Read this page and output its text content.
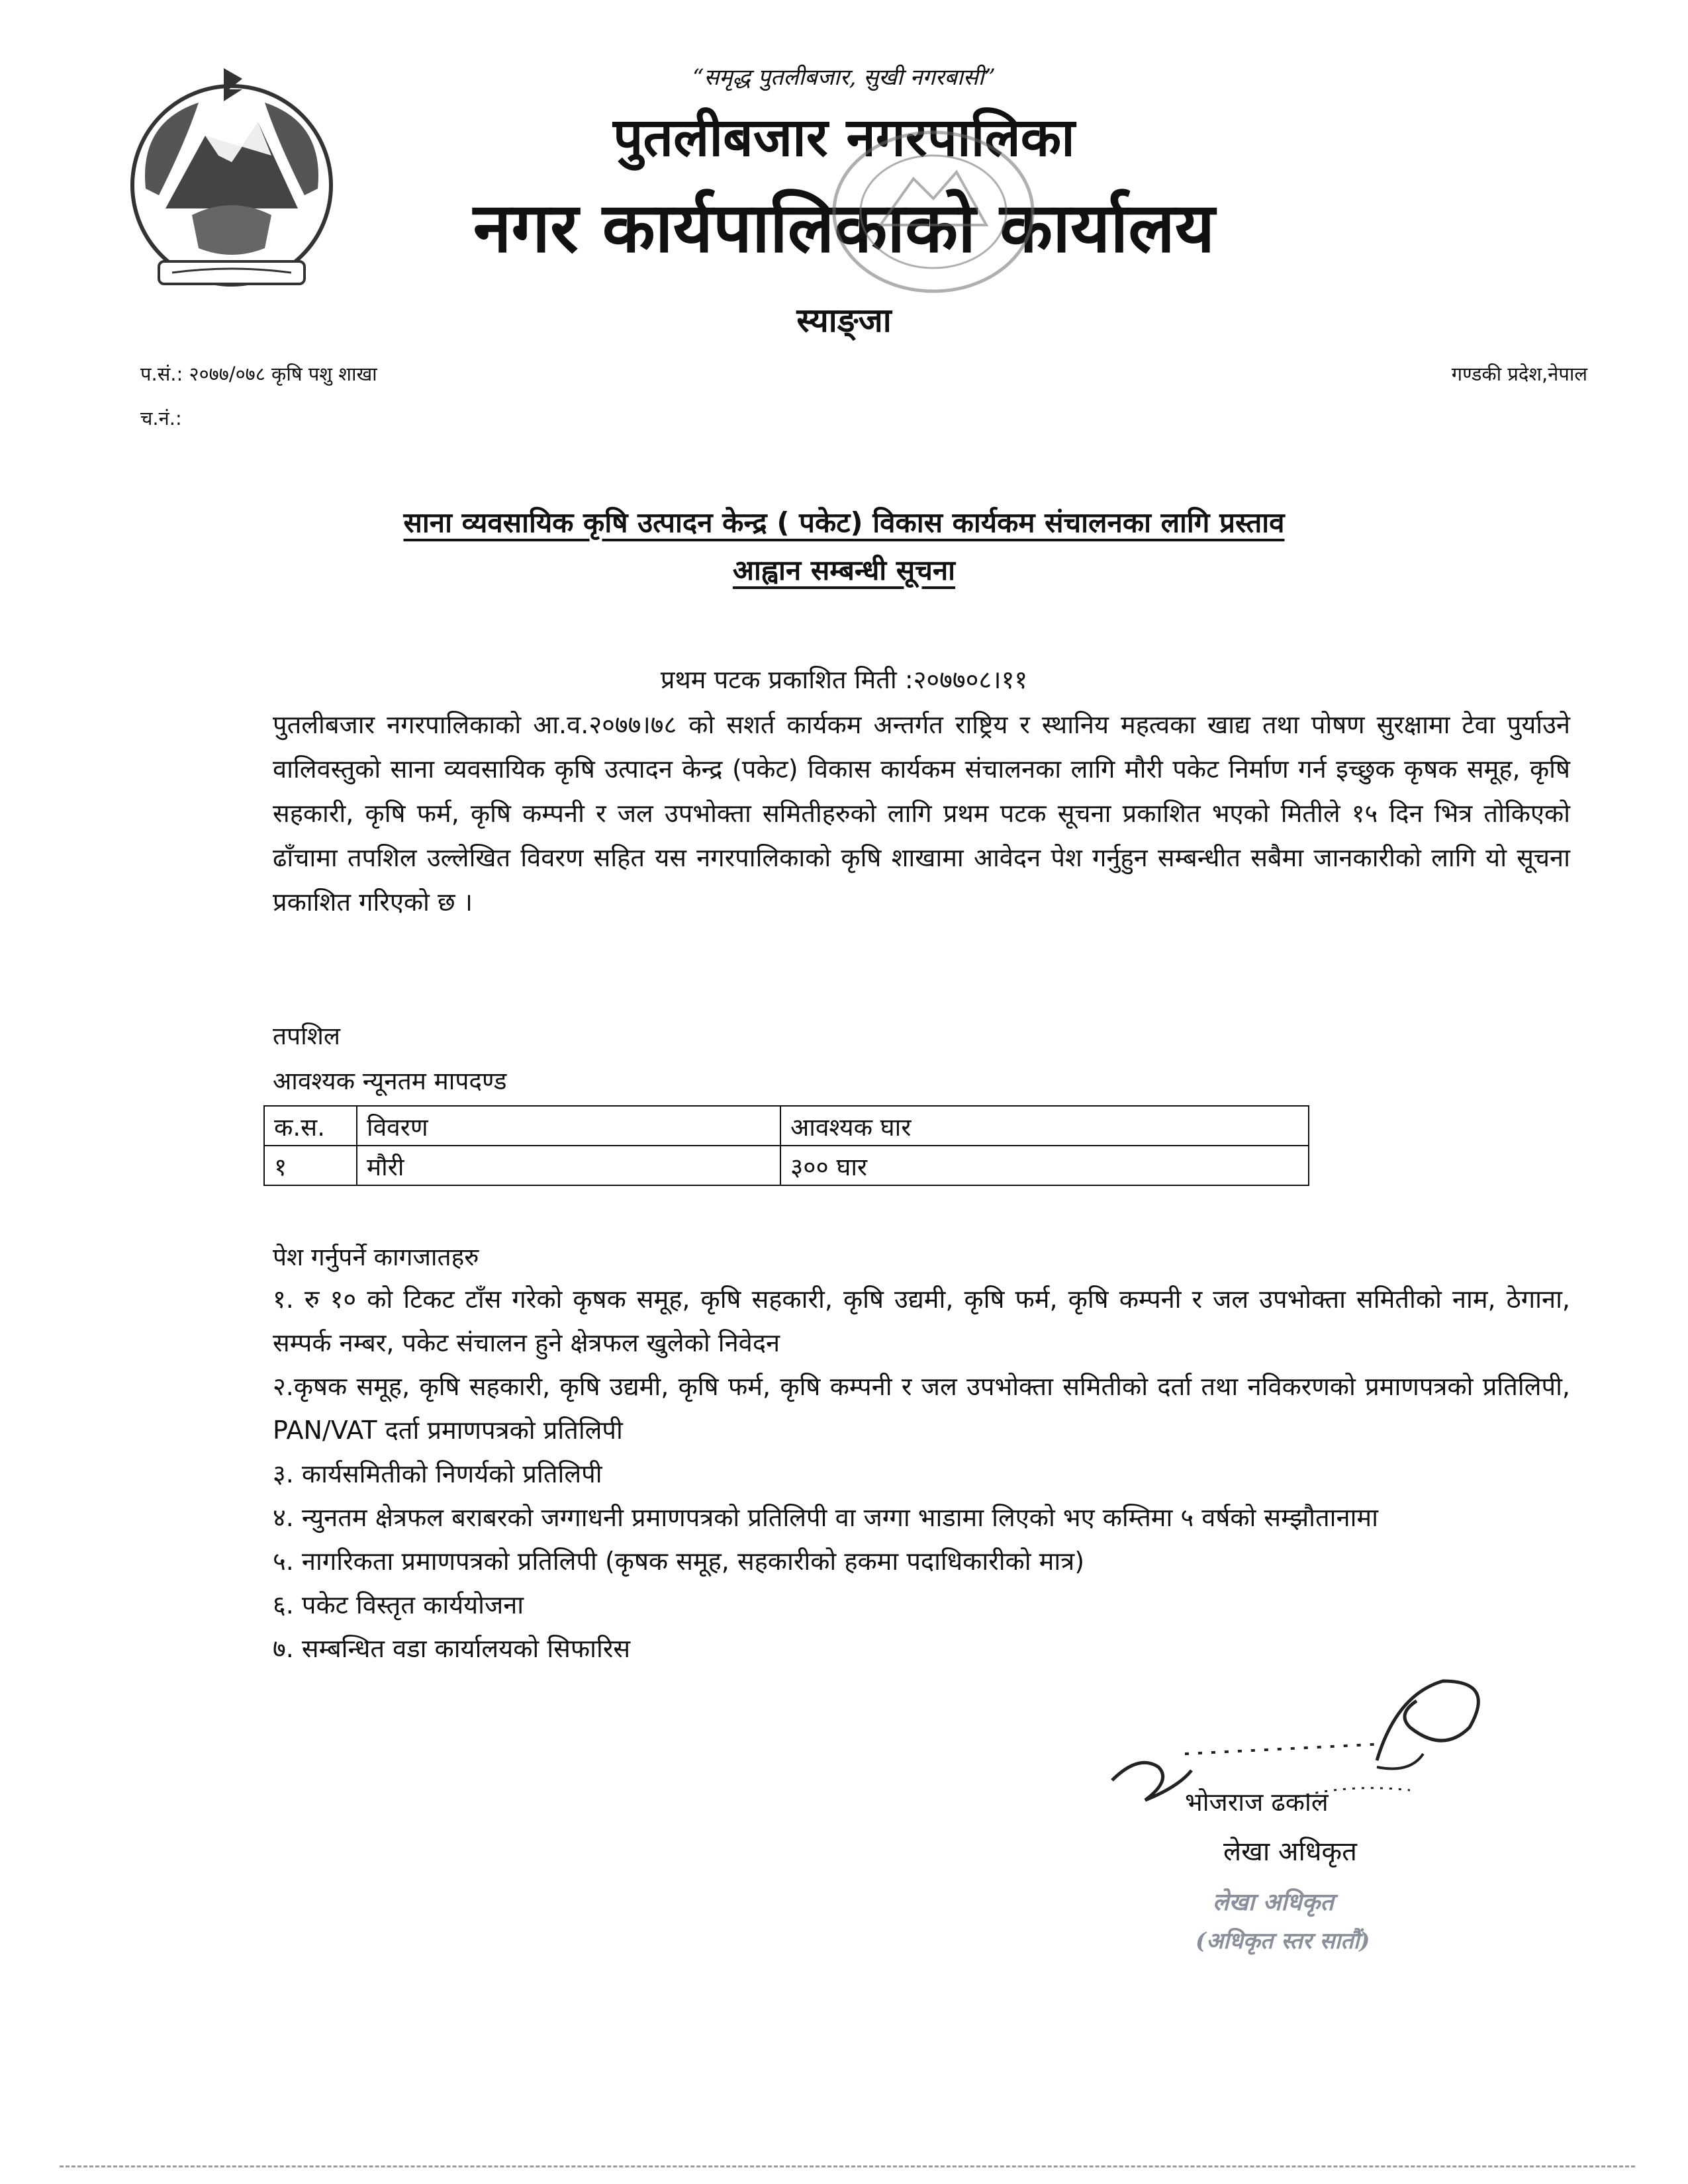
“समृद्ध पुतलीबजार, सुखी नगरबासी”
पुतलीबजार नगरपालिका
नगर कार्यपालिकाको कार्यालय
स्याङ्जा
प.सं.: २०७७/०७८ कृषि पशु शाखा
च.नं.:
गण्डकी प्रदेश,नेपाल
साना व्यवसायिक कृषि उत्पादन केन्द्र ( पकेट) विकास कार्यकम संचालनका लागि प्रस्ताव
आह्वान सम्बन्धी सूचना
प्रथम पटक प्रकाशित मिती :२०७७०८।११
पुतलीबजार नगरपालिकाको आ.व.२०७७।७८ को सशर्त कार्यकम अन्तर्गत राष्ट्रिय र स्थानिय महत्वका खाद्य तथा पोषण सुरक्षामा टेवा पुर्याउने वालिवस्तुको साना व्यवसायिक कृषि उत्पादन केन्द्र (पकेट) विकास कार्यकम संचालनका लागि मौरी पकेट निर्माण गर्न इच्छुक कृषक समूह, कृषि सहकारी, कृषि फर्म, कृषि कम्पनी र जल उपभोक्ता समितीहरुको लागि प्रथम पटक सूचना प्रकाशित भएको मितीले १५ दिन भित्र तोकिएको ढाँचामा तपशिल उल्लेखित विवरण सहित यस नगरपालिकाको कृषि शाखामा आवेदन पेश गर्नुहुन सम्बन्धीत सबैमा जानकारीको लागि यो सूचना प्रकाशित गरिएको छ ।
तपशिल
आवश्यक न्यूनतम मापदण्ड
क.स.	विवरण	आवश्यक घार
१	मौरी	३०० घार
पेश गर्नुपर्ने कागजातहरु

१. रु १० को टिकट टाँस गरेको कृषक समूह, कृषि सहकारी, कृषि उद्यमी, कृषि फर्म, कृषि कम्पनी र जल उपभोक्ता समितीको नाम, ठेगाना, सम्पर्क नम्बर, पकेट संचालन हुने क्षेत्रफल खुलेको निवेदन

२.कृषक समूह, कृषि सहकारी, कृषि उद्यमी, कृषि फर्म, कृषि कम्पनी र जल उपभोक्ता समितीको दर्ता तथा नविकरणको प्रमाणपत्रको प्रतिलिपी, PAN/VAT दर्ता प्रमाणपत्रको प्रतिलिपी

३. कार्यसमितीको निणर्यको प्रतिलिपी

४. न्युनतम क्षेत्रफल बराबरको जग्गाधनी प्रमाणपत्रको प्रतिलिपी वा जग्गा भाडामा लिएको भए कम्तिमा ५ वर्षको सम्झौतानामा

५. नागरिकता प्रमाणपत्रको प्रतिलिपी (कृषक समूह, सहकारीको हकमा पदाधिकारीको मात्र)

६. पकेट विस्तृत कार्ययोजना

७. सम्बन्धित वडा कार्यालयको सिफारिस

भोजराज ढकाल
लेखा अधिकृत
लेखा अधिकृत
(अधिकृत स्तर सातौं)
